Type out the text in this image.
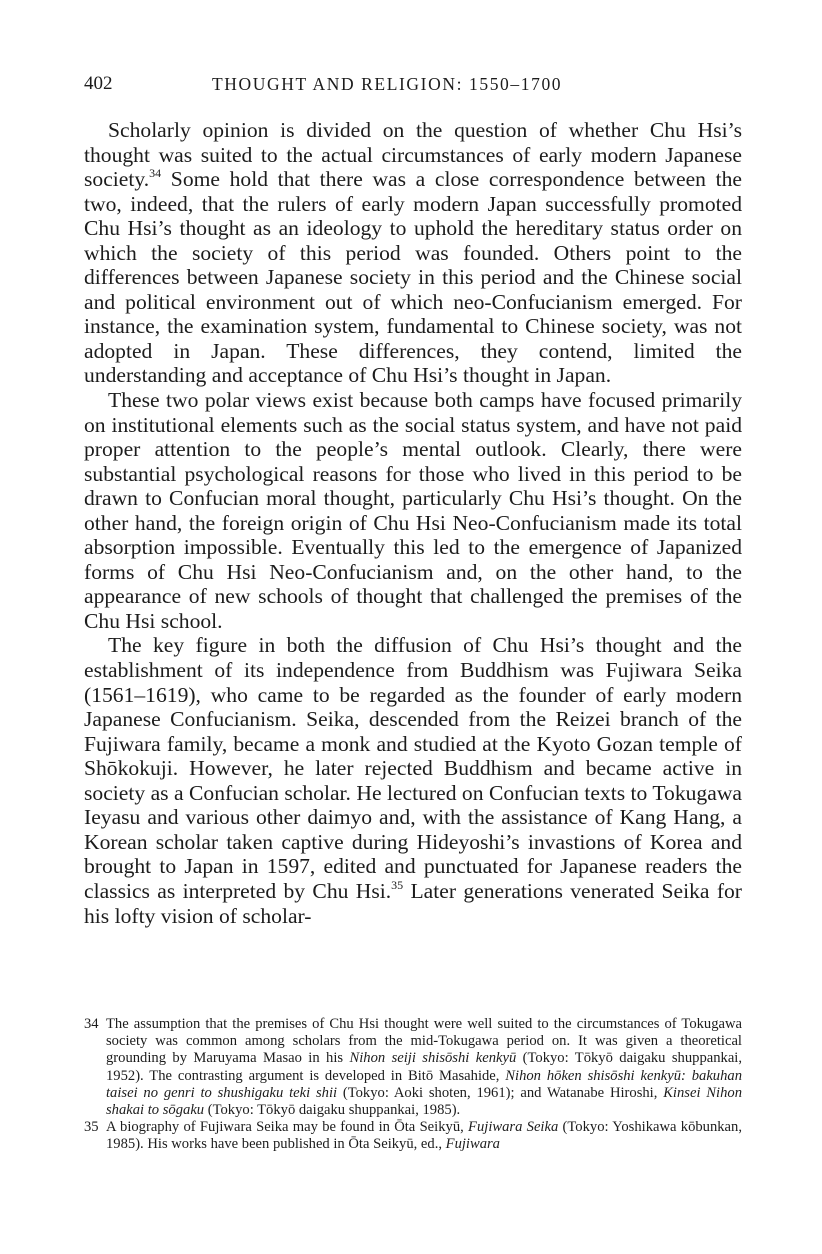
402	THOUGHT AND RELIGION: 1550–1700

Scholarly opinion is divided on the question of whether Chu Hsi’s thought was suited to the actual circumstances of early modern Japanese society.$^{34}$ Some hold that there was a close correspondence between the two, indeed, that the rulers of early modern Japan successfully promoted Chu Hsi’s thought as an ideology to uphold the hereditary status order on which the society of this period was founded. Others point to the differences between Japanese society in this period and the Chinese social and political environment out of which neo-Confucianism emerged. For instance, the examination system, fundamental to Chinese society, was not adopted in Japan. These differences, they contend, limited the understanding and acceptance of Chu Hsi’s thought in Japan.

These two polar views exist because both camps have focused primarily on institutional elements such as the social status system, and have not paid proper attention to the people’s mental outlook. Clearly, there were substantial psychological reasons for those who lived in this period to be drawn to Confucian moral thought, particularly Chu Hsi’s thought. On the other hand, the foreign origin of Chu Hsi Neo-Confucianism made its total absorption impossible. Eventually this led to the emergence of Japanized forms of Chu Hsi Neo-Confucianism and, on the other hand, to the appearance of new schools of thought that challenged the premises of the Chu Hsi school.

The key figure in both the diffusion of Chu Hsi’s thought and the establishment of its independence from Buddhism was Fujiwara Seika (1561–1619), who came to be regarded as the founder of early modern Japanese Confucianism. Seika, descended from the Reizei branch of the Fujiwara family, became a monk and studied at the Kyoto Gozan temple of Shōkokuji. However, he later rejected Buddhism and became active in society as a Confucian scholar. He lectured on Confucian texts to Tokugawa Ieyasu and various other daimyo and, with the assistance of Kang Hang, a Korean scholar taken captive during Hideyoshi’s invastions of Korea and brought to Japan in 1597, edited and punctuated for Japanese readers the classics as interpreted by Chu Hsi.$^{35}$ Later generations venerated Seika for his lofty vision of scholar-

34 The assumption that the premises of Chu Hsi thought were well suited to the circumstances of Tokugawa society was common among scholars from the mid-Tokugawa period on. It was given a theoretical grounding by Maruyama Masao in his Nihon seiji shisōshi kenkyū (Tokyo: Tōkyō daigaku shuppankai, 1952). The contrasting argument is developed in Bitō Masahide, Nihon hōken shisōshi kenkyū: bakuhan taisei no genri to shushigaku teki shii (Tokyo: Aoki shoten, 1961); and Watanabe Hiroshi, Kinsei Nihon shakai to sōgaku (Tokyo: Tōkyō daigaku shuppankai, 1985).

35 A biography of Fujiwara Seika may be found in Ōta Seikyū, Fujiwara Seika (Tokyo: Yoshikawa kōbunkan, 1985). His works have been published in Ōta Seikyū, ed., Fujiwara
